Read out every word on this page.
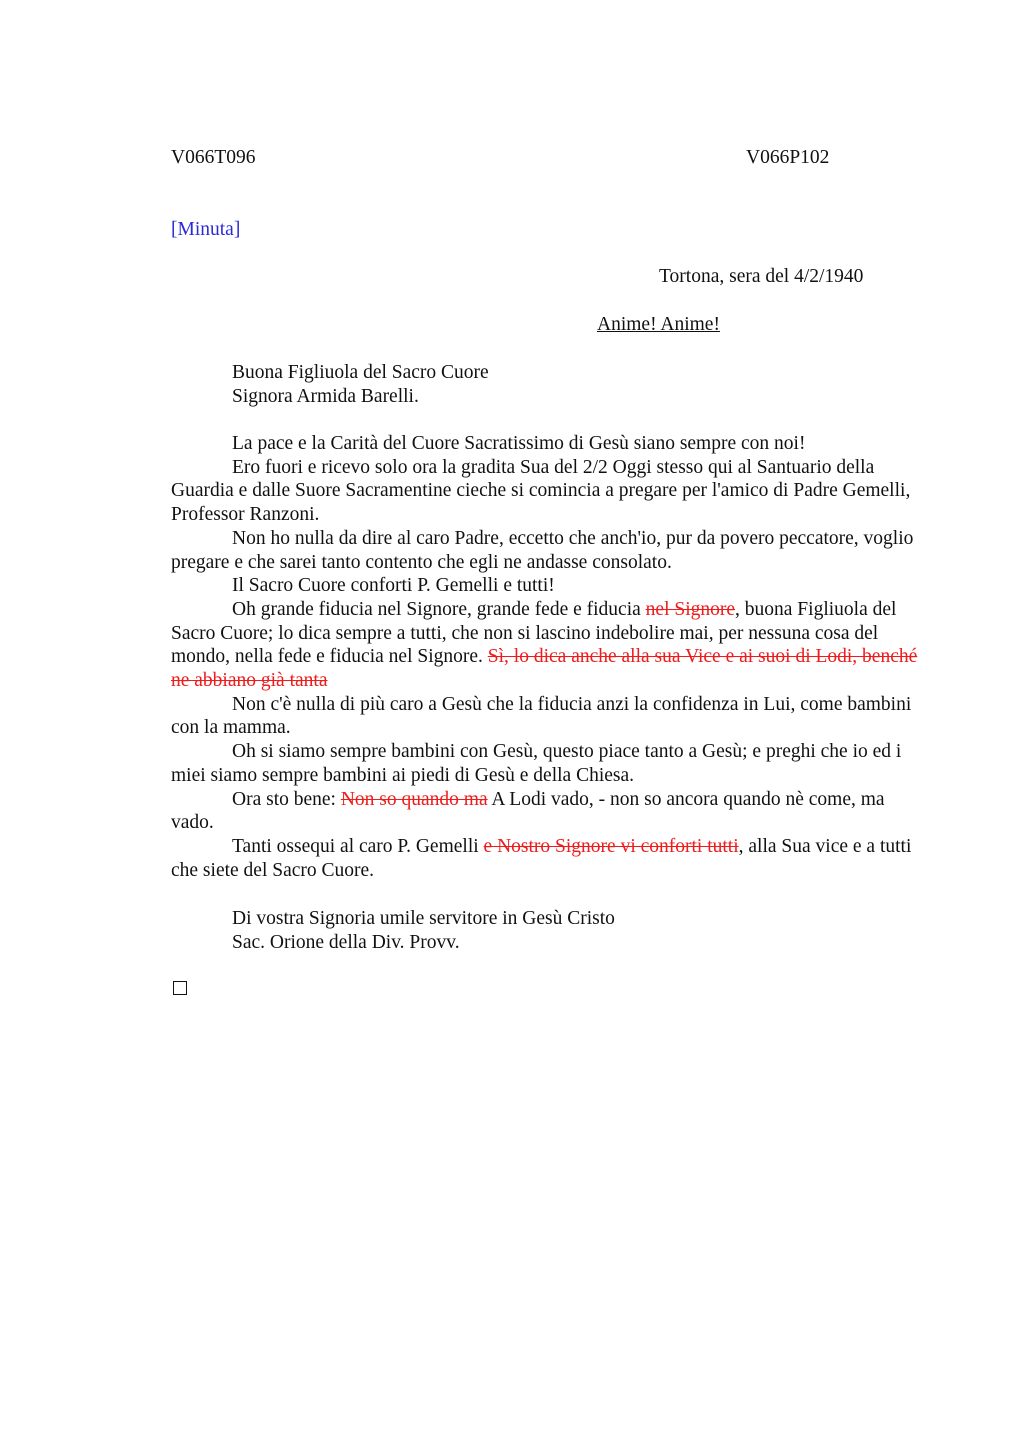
V066T096	V066P102
[Minuta]
Tortona, sera del 4/2/1940
Anime! Anime!
Buona Figliuola del Sacro Cuore
Signora Armida Barelli.

La pace e la Carità del Cuore Sacratissimo di Gesù siano sempre con noi!

Ero fuori e ricevo solo ora la gradita Sua del 2/2 Oggi stesso qui al Santuario della Guardia e dalle Suore Sacramentine cieche si comincia a pregare per l'amico di Padre Gemelli, Professor Ranzoni.

Non ho nulla da dire al caro Padre, eccetto che anch'io, pur da povero peccatore, voglio pregare e che sarei tanto contento che egli ne andasse consolato.

Il Sacro Cuore conforti P. Gemelli e tutti!

Oh grande fiducia nel Signore, grande fede e fiducia nel Signore, buona Figliuola del Sacro Cuore; lo dica sempre a tutti, che non si lascino indebolire mai, per nessuna cosa del mondo, nella fede e fiducia nel Signore. Sì, lo dica anche alla sua Vice e ai suoi di Lodi, benché ne abbiano già tanta

Non c'è nulla di più caro a Gesù che la fiducia anzi la confidenza in Lui, come bambini con la mamma.

Oh si siamo sempre bambini con Gesù, questo piace tanto a Gesù; e preghi che io ed i miei siamo sempre bambini ai piedi di Gesù e della Chiesa.

Ora sto bene: Non so quando ma A Lodi vado, - non so ancora quando nè come, ma vado.

Tanti ossequi al caro P. Gemelli e Nostro Signore vi conforti tutti, alla Sua vice e a tutti che siete del Sacro Cuore.

Di vostra Signoria umile servitore in Gesù Cristo
Sac. Orione della Div. Provv.
